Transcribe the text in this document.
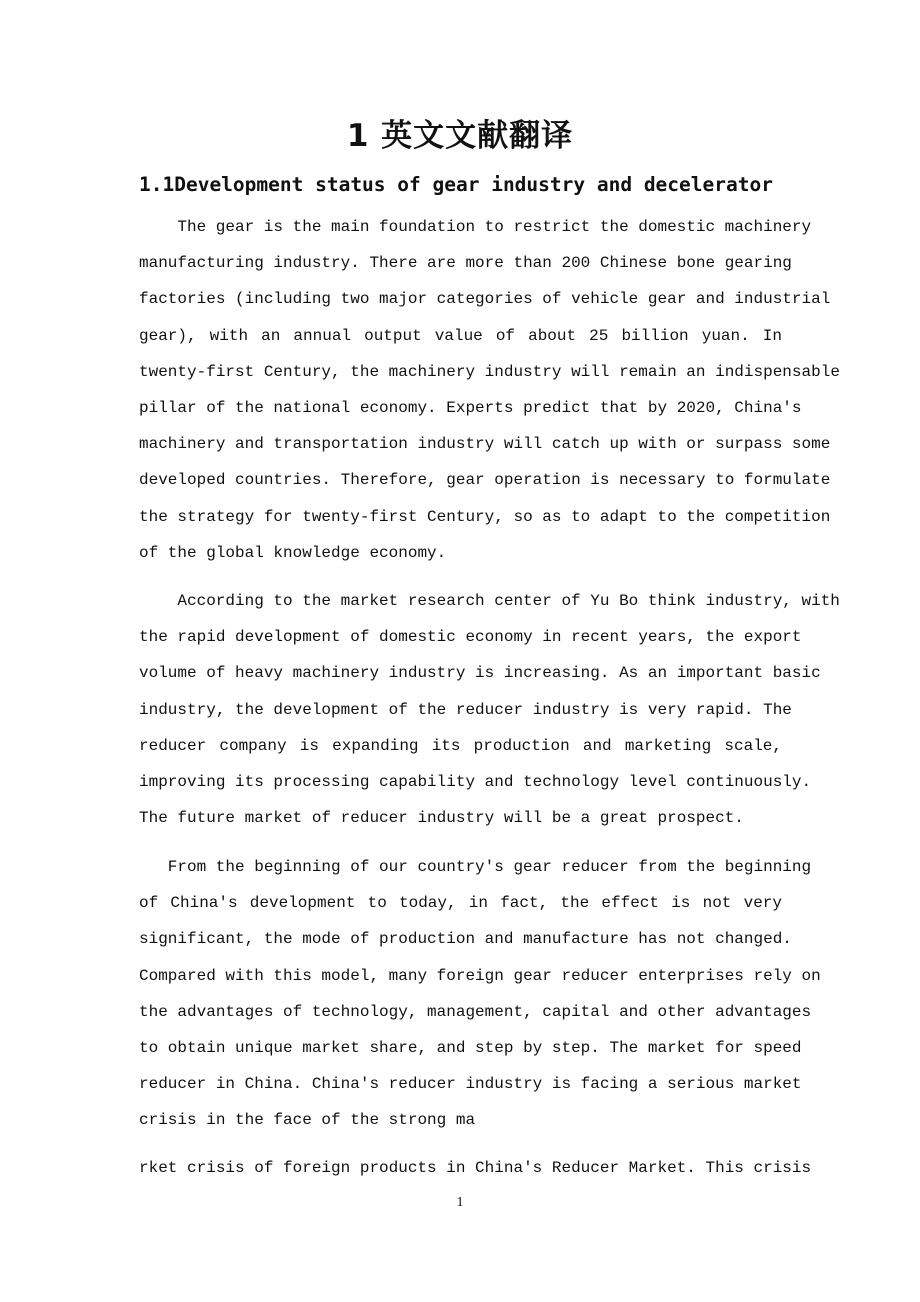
1 英文文献翻译
1.1Development status of gear industry and decelerator
The gear is the main foundation to restrict the domestic machinery
manufacturing industry. There are more than 200 Chinese bone gearing
factories (including two major categories of vehicle gear and industrial
gear), with an annual output value of about 25 billion yuan. In
twenty-first Century, the machinery industry will remain an indispensable
pillar of the national economy. Experts predict that by 2020, China's
machinery and transportation industry will catch up with or surpass some
developed countries. Therefore, gear operation is necessary to formulate
the strategy for twenty-first Century, so as to adapt to the competition
of the global knowledge economy.
According to the market research center of Yu Bo think industry, with
the rapid development of domestic economy in recent years, the export
volume of heavy machinery industry is increasing. As an important basic
industry, the development of the reducer industry is very rapid. The
reducer company is expanding its production and marketing scale,
improving its processing capability and technology level continuously.
The future market of reducer industry will be a great prospect.
From the beginning of our country's gear reducer from the beginning
of China's development to today, in fact, the effect is not very
significant, the mode of production and manufacture has not changed.
Compared with this model, many foreign gear reducer enterprises rely on
the advantages of technology, management, capital and other advantages
to obtain unique market share, and step by step. The market for speed
reducer in China. China's reducer industry is facing a serious market
crisis in the face of the strong ma
rket crisis of foreign products in China's Reducer Market. This crisis
1
